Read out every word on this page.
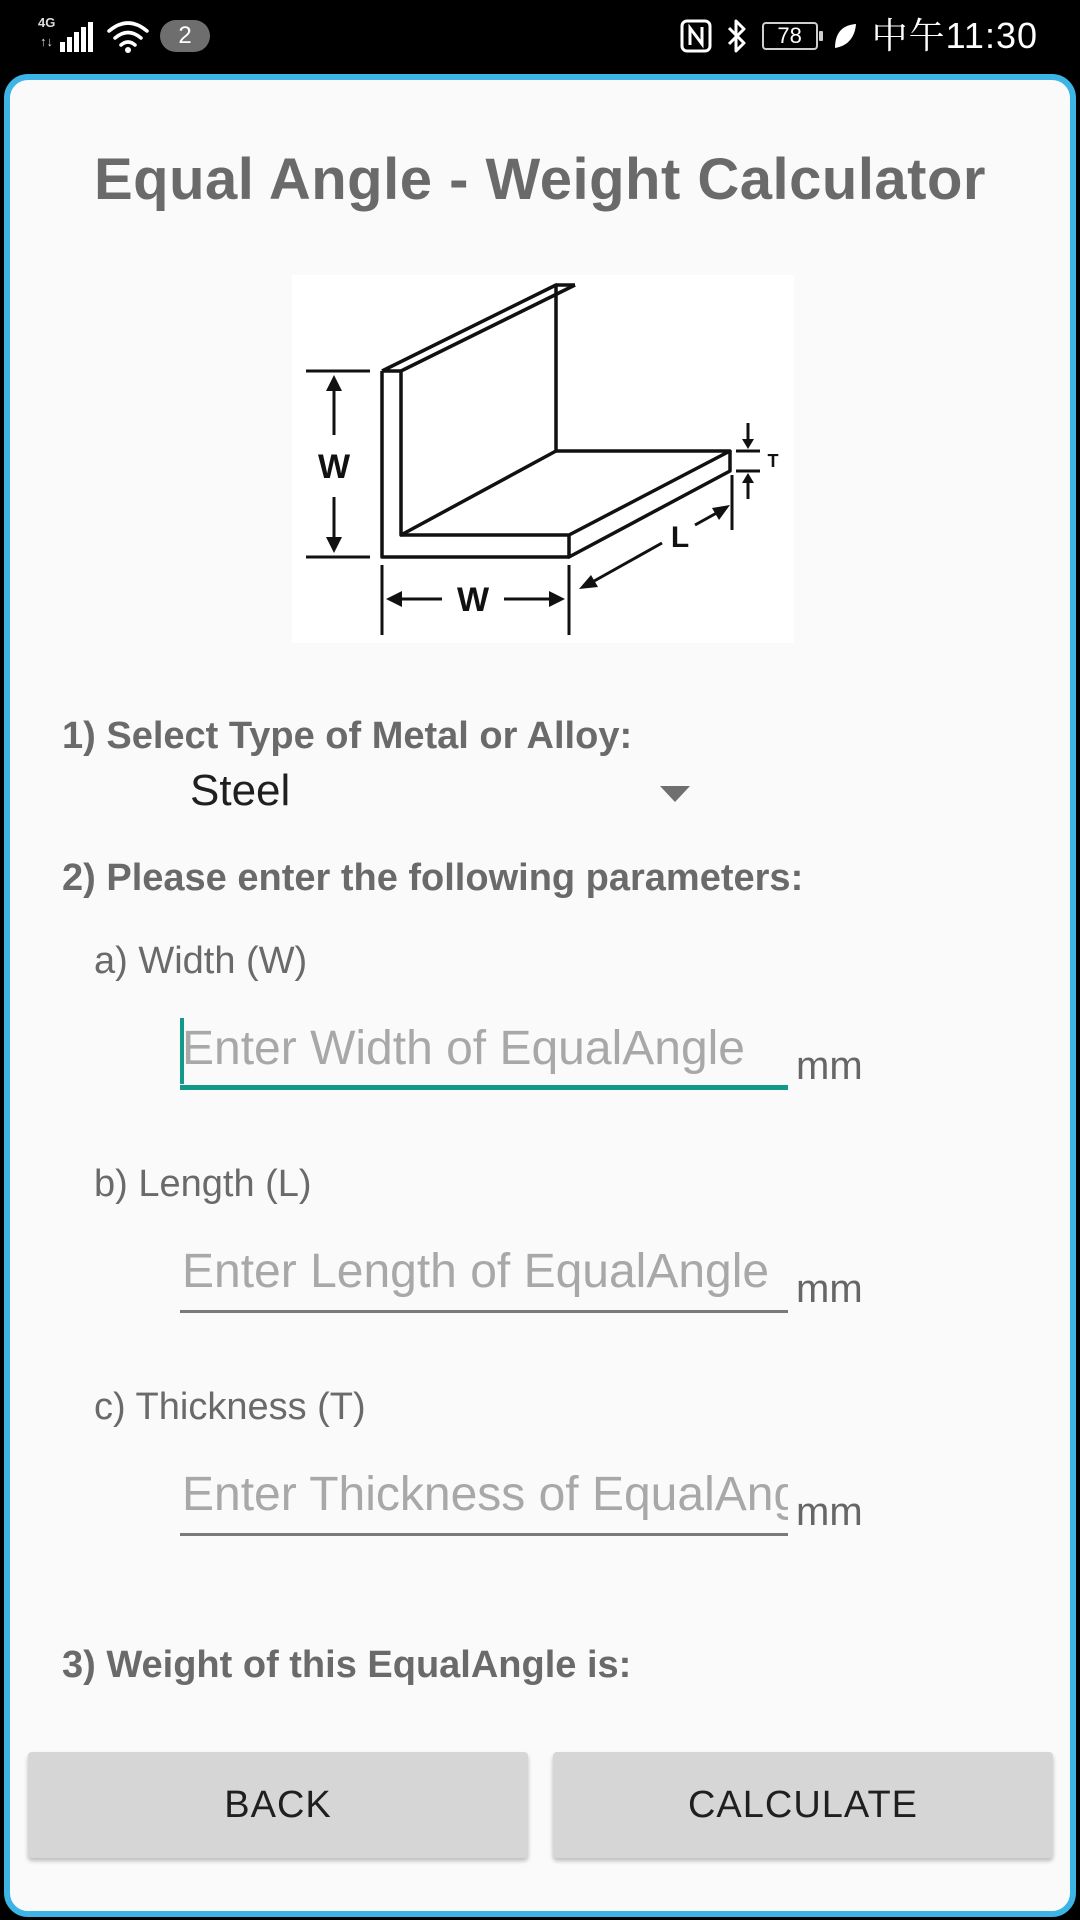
4G
↑↓	2	78	中午11:30
Equal Angle - Weight Calculator
W
W
L
T
1) Select Type of Metal or Alloy:
Steel
2) Please enter the following parameters:
a) Width (W)
Enter Width of EqualAngle
mm
b) Length (L)
Enter Length of EqualAngle
mm
c) Thickness (T)
Enter Thickness of EqualAngle
mm
3) Weight of this EqualAngle is:
BACK	CALCULATE
